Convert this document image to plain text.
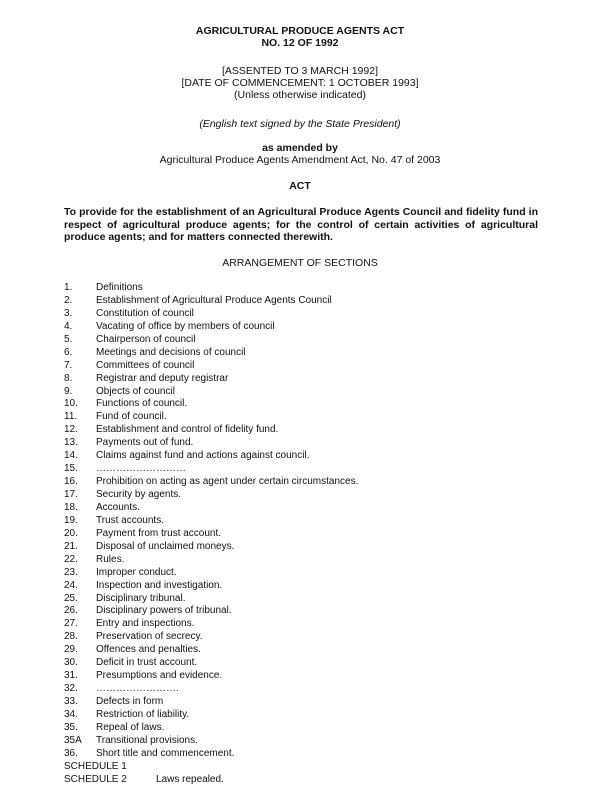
AGRICULTURAL PRODUCE AGENTS ACT
NO. 12 OF 1992
[ASSENTED TO 3 MARCH 1992]
[DATE OF COMMENCEMENT: 1 OCTOBER 1993]
(Unless otherwise indicated)
(English text signed by the State President)
as amended by
Agricultural Produce Agents Amendment Act, No. 47 of 2003
ACT
To provide for the establishment of an Agricultural Produce Agents Council and fidelity fund in respect of agricultural produce agents; for the control of certain activities of agricultural produce agents; and for matters connected therewith.
ARRANGEMENT OF SECTIONS
1.	Definitions
2.	Establishment of Agricultural Produce Agents Council
3.	Constitution of council
4.	Vacating of office by members of council
5.	Chairperson of council
6.	Meetings and decisions of council
7.	Committees of council
8.	Registrar and deputy registrar
9.	Objects of council
10.	Functions of council.
11.	Fund of council.
12.	Establishment and control of fidelity fund.
13.	Payments out of fund.
14.	Claims against fund and actions against council.
15.	………………………
16.	Prohibition on acting as agent under certain circumstances.
17.	Security by agents.
18.	Accounts.
19.	Trust accounts.
20.	Payment from trust account.
21.	Disposal of unclaimed moneys.
22.	Rules.
23.	Improper conduct.
24.	Inspection and investigation.
25.	Disciplinary tribunal.
26.	Disciplinary powers of tribunal.
27.	Entry and inspections.
28.	Preservation of secrecy.
29.	Offences and penalties.
30.	Deficit in trust account.
31.	Presumptions and evidence.
32.	…………………….
33.	Defects in form
34.	Restriction of liability.
35.	Repeal of laws.
35A	Transitional provisions.
36.	Short title and commencement.
SCHEDULE 1
SCHEDULE 2	Laws repealed.
